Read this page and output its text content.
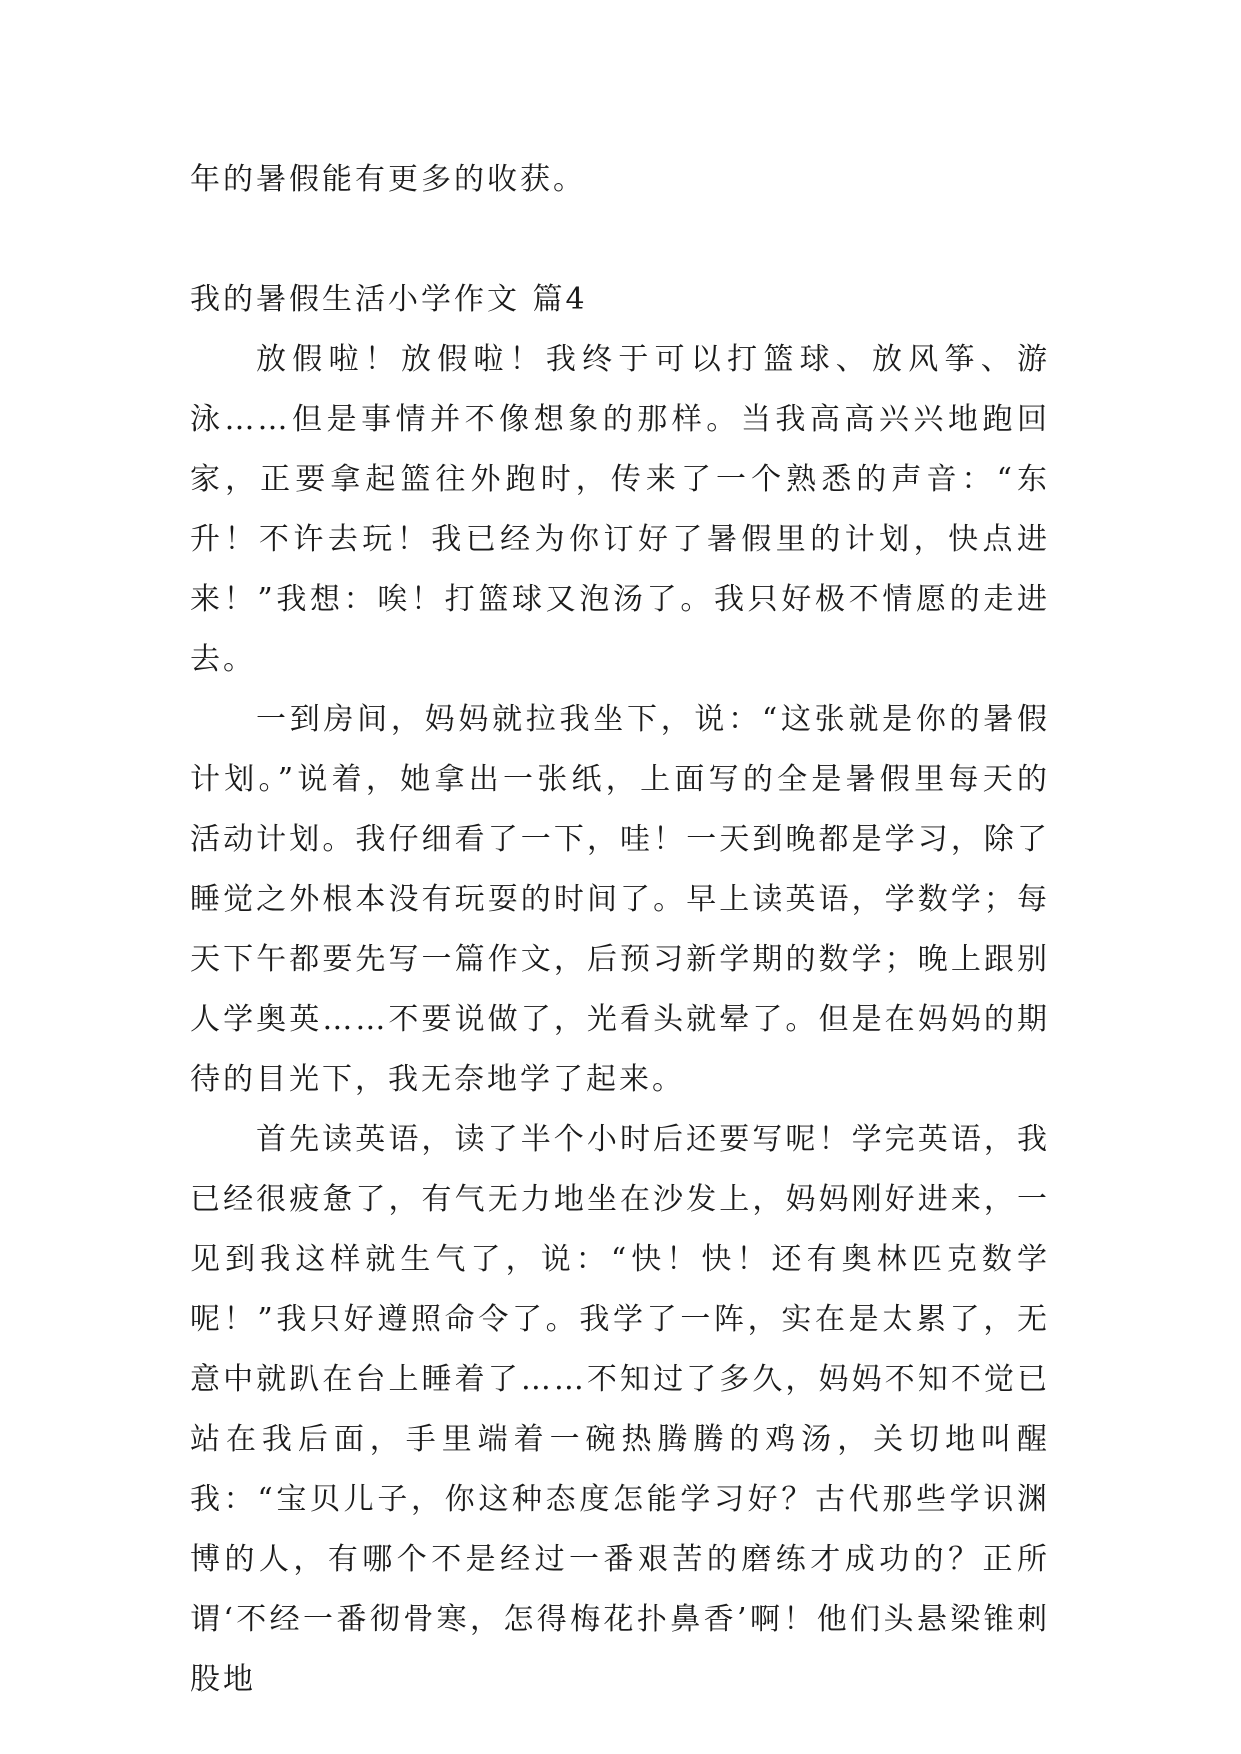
年的暑假能有更多的收获。

我的暑假生活小学作文 篇4

放假啦！放假啦！我终于可以打篮球、放风筝、游泳……但是事情并不像想象的那样。当我高高兴兴地跑回家，正要拿起篮往外跑时，传来了一个熟悉的声音：“东升！不许去玩！我已经为你订好了暑假里的计划，快点进来！”我想：唉！打篮球又泡汤了。我只好极不情愿的走进去。

一到房间，妈妈就拉我坐下，说：“这张就是你的暑假计划。”说着，她拿出一张纸，上面写的全是暑假里每天的活动计划。我仔细看了一下，哇！一天到晚都是学习，除了睡觉之外根本没有玩耍的时间了。早上读英语，学数学；每天下午都要先写一篇作文，后预习新学期的数学；晚上跟别人学奥英……不要说做了，光看头就晕了。但是在妈妈的期待的目光下，我无奈地学了起来。

首先读英语，读了半个小时后还要写呢！学完英语，我已经很疲惫了，有气无力地坐在沙发上，妈妈刚好进来，一见到我这样就生气了，说：“快！快！还有奥林匹克数学呢！”我只好遵照命令了。我学了一阵，实在是太累了，无意中就趴在台上睡着了……不知过了多久，妈妈不知不觉已站在我后面，手里端着一碗热腾腾的鸡汤，关切地叫醒我：“宝贝儿子，你这种态度怎能学习好？古代那些学识渊博的人，有哪个不是经过一番艰苦的磨练才成功的？正所谓‘不经一番彻骨寒，怎得梅花扑鼻香’啊！他们头悬梁锥刺股地
